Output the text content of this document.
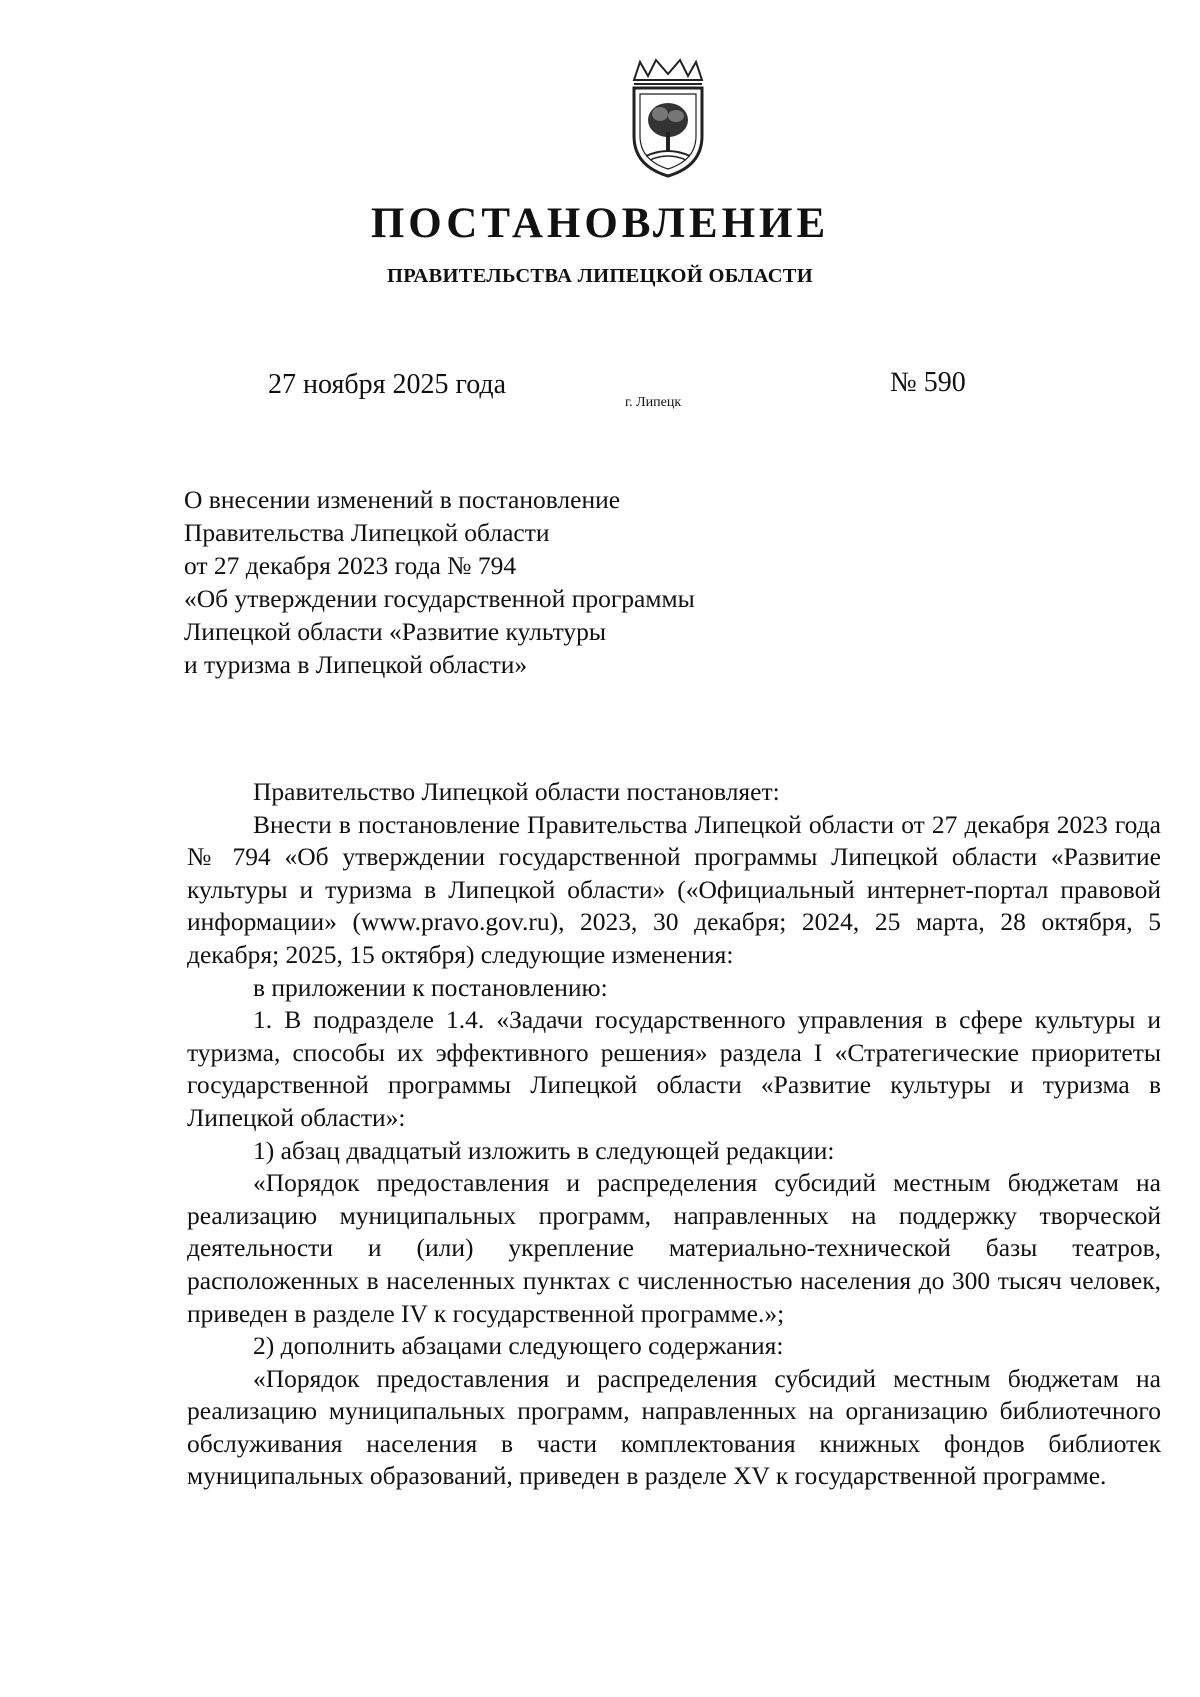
ПОСТАНОВЛЕНИЕ
ПРАВИТЕЛЬСТВА ЛИПЕЦКОЙ ОБЛАСТИ
27 ноября 2025 года
г. Липецк
№ 590
О внесении изменений в постановление
Правительства Липецкой области
от 27 декабря 2023 года № 794
«Об утверждении государственной программы
Липецкой области «Развитие культуры
и туризма в Липецкой области»

Правительство Липецкой области постановляет:

Внести в постановление Правительства Липецкой области от 27 декабря 2023 года № 794 «Об утверждении государственной программы Липецкой области «Развитие культуры и туризма в Липецкой области» («Официальный интернет-портал правовой информации» (www.pravo.gov.ru), 2023, 30 декабря; 2024, 25 марта, 28 октября, 5 декабря; 2025, 15 октября) следующие изменения:

в приложении к постановлению:

1. В подразделе 1.4. «Задачи государственного управления в сфере культуры и туризма, способы их эффективного решения» раздела I «Стратегические приоритеты государственной программы Липецкой области «Развитие культуры и туризма в Липецкой области»:

1) абзац двадцатый изложить в следующей редакции:

«Порядок предоставления и распределения субсидий местным бюджетам на реализацию муниципальных программ, направленных на поддержку творческой деятельности и (или) укрепление материально-технической базы театров, расположенных в населенных пунктах с численностью населения до 300 тысяч человек, приведен в разделе IV к государственной программе.»;

2) дополнить абзацами следующего содержания:

«Порядок предоставления и распределения субсидий местным бюджетам на реализацию муниципальных программ, направленных на организацию библиотечного обслуживания населения в части комплектования книжных фондов библиотек муниципальных образований, приведен в разделе XV к государственной программе.
